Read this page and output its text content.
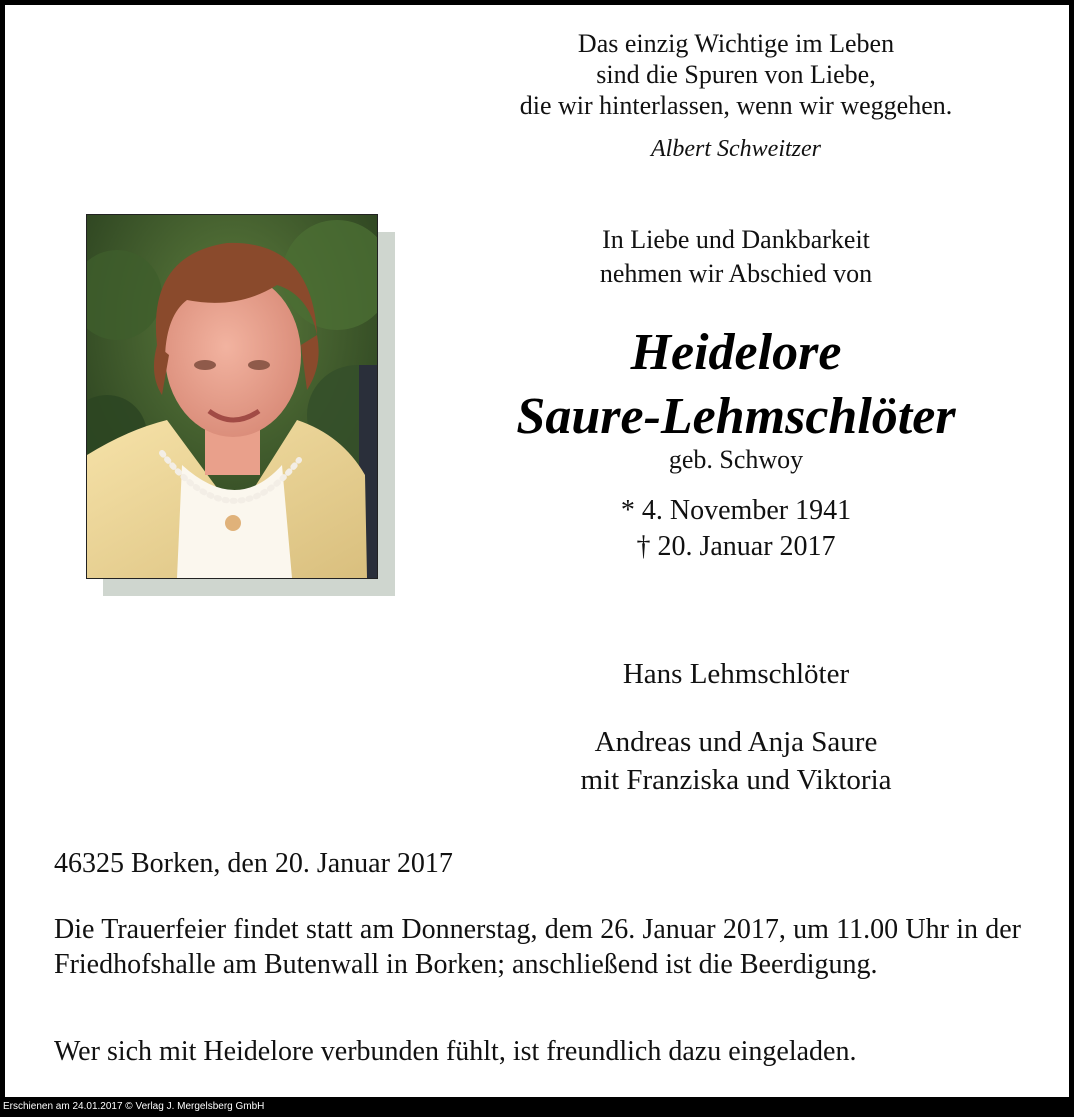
Das einzig Wichtige im Leben
sind die Spuren von Liebe,
die wir hinterlassen, wenn wir weggehen.
Albert Schweitzer
In Liebe und Dankbarkeit
nehmen wir Abschied von
Heidelore
Saure-Lehmschlöter
geb. Schwoy
* 4. November 1941
† 20. Januar 2017
Hans Lehmschlöter
Andreas und Anja Saure
mit Franziska und Viktoria
46325 Borken, den 20. Januar 2017
Die Trauerfeier findet statt am Donnerstag, dem 26. Januar 2017, um 11.00 Uhr in der Friedhofshalle am Butenwall in Borken; anschließend ist die Beerdigung.
Wer sich mit Heidelore verbunden fühlt, ist freundlich dazu eingeladen.
Erschienen am 24.01.2017 © Verlag J. Mergelsberg GmbH
